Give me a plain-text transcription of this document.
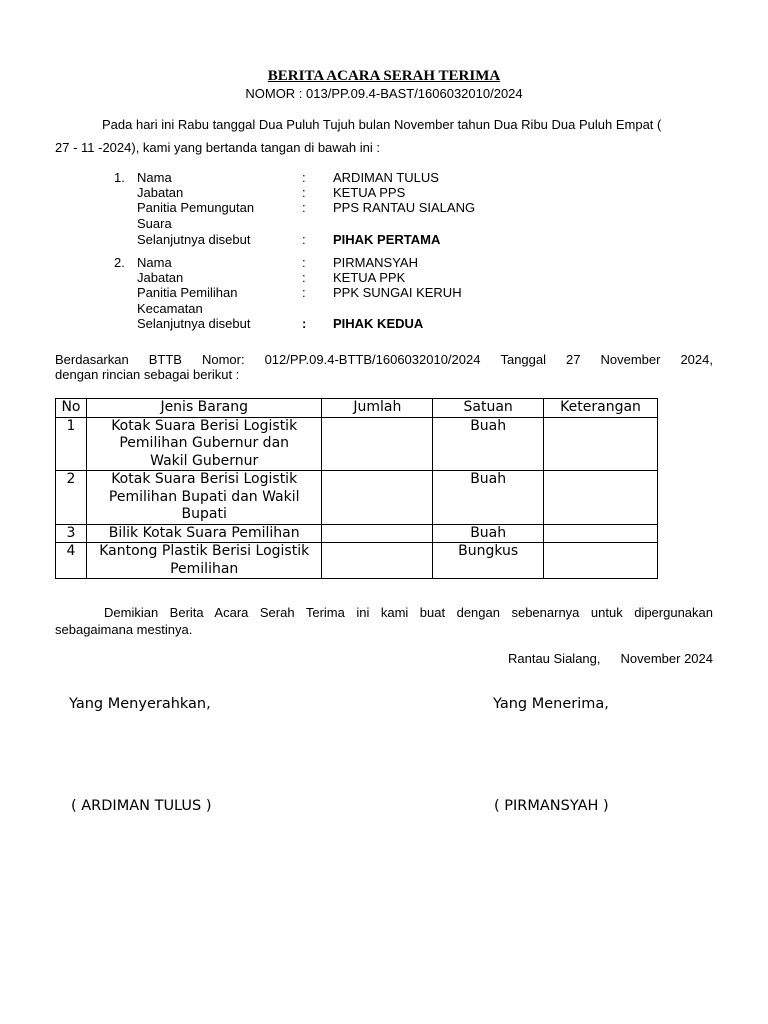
BERITA ACARA SERAH TERIMA
NOMOR : 013/PP.09.4-BAST/1606032010/2024
Pada hari ini Rabu tanggal Dua Puluh Tujuh bulan November tahun Dua Ribu Dua Puluh Empat (
27 - 11 -2024), kami yang bertanda tangan di bawah ini :
1. Nama	: ARDIMAN TULUS
Jabatan	: KETUA PPS
Panitia Pemungutan
Suara
: PPS RANTAU SIALANG
Selanjutnya disebut	: PIHAK PERTAMA
2. Nama	: PIRMANSYAH
Jabatan	: KETUA PPK
Panitia Pemilihan
Kecamatan
: PPK SUNGAI KERUH
Selanjutnya disebut	: PIHAK KEDUA
Berdasarkan BTTB Nomor: 012/PP.09.4-BTTB/1606032010/2024 Tanggal 27 November 2024,
dengan rincian sebagai berikut :
No	Jenis Barang	Jumlah	Satuan	Keterangan
1	Kotak Suara Berisi Logistik
Pemilihan Gubernur dan
Wakil Gubernur		Buah	
2	Kotak Suara Berisi Logistik
Pemilihan Bupati dan Wakil
Bupati		Buah	
3	Bilik Kotak Suara Pemilihan		Buah	
4	Kantong Plastik Berisi Logistik
Pemilihan		Bungkus	
Demikian Berita Acara Serah Terima ini kami buat dengan sebenarnya untuk dipergunakan
sebagaimana mestinya.
Rantau Sialang, November 2024
Yang Menyerahkan,	Yang Menerima,
( ARDIMAN TULUS )	( PIRMANSYAH )
